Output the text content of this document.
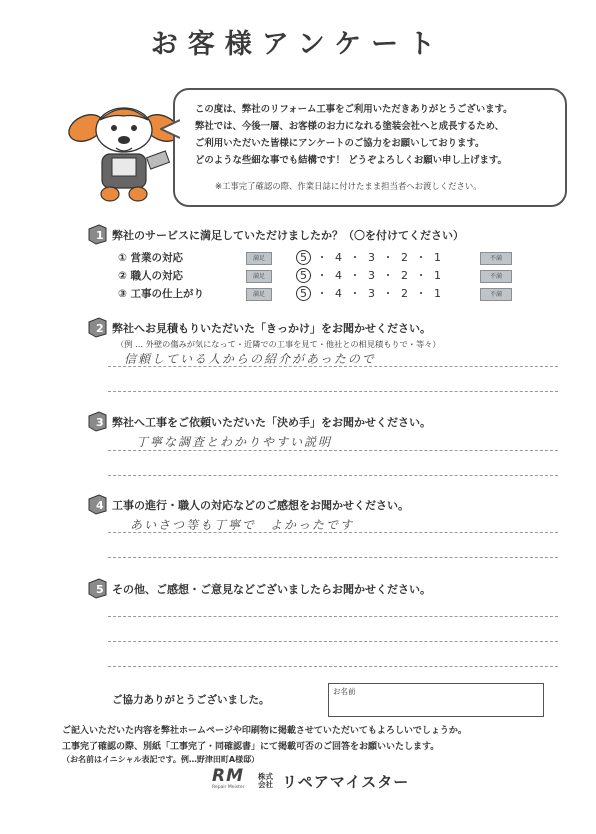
お客様アンケート
この度は、弊社のリフォーム工事をご利用いただきありがとうございます。
弊社では、今後一層、お客様のお力になれる塗装会社へと成長するため、
ご利用いただいた皆様にアンケートのご協力をお願いしております。
どのような些細な事でも結構です！ どうぞよろしくお願い申し上げます。
※工事完了確認の際、作業日誌に付けたまま担当者へお渡しください。
1 弊社のサービスに満足していただけましたか？（〇を付けてください）
① 営業の対応	満足	5 ・ 4 ・ 3 ・ 2 ・ 1	不満
② 職人の対応	満足	5 ・ 4 ・ 3 ・ 2 ・ 1	不満
③ 工事の仕上がり	満足	5 ・ 4 ・ 3 ・ 2 ・ 1	不満
2 弊社へお見積もりいただいた「きっかけ」をお聞かせください。
（例 … 外壁の傷みが気になって・近隣での工事を見て・他社との相見積もりで・等々）
信頼している人からの紹介があったので
3 弊社へ工事をご依頼いただいた「決め手」をお聞かせください。
丁寧な調査とわかりやすい説明
4 工事の進行・職人の対応などのご感想をお聞かせください。
あいさつ等も丁寧で　よかったです
5 その他、ご感想・ご意見などございましたらお聞かせください。
ご協力ありがとうございました。
お名前
ご記入いただいた内容を弊社ホームページや印刷物に掲載させていただいてもよろしいでしょうか。
工事完了確認の際、別紙「工事完了・同確認書」にて掲載可否のご回答をお願いいたします。
（お名前はイニシャル表記です。例…野津田町A様邸）
RM
Repair Meister
株式
会社 リペアマイスター
